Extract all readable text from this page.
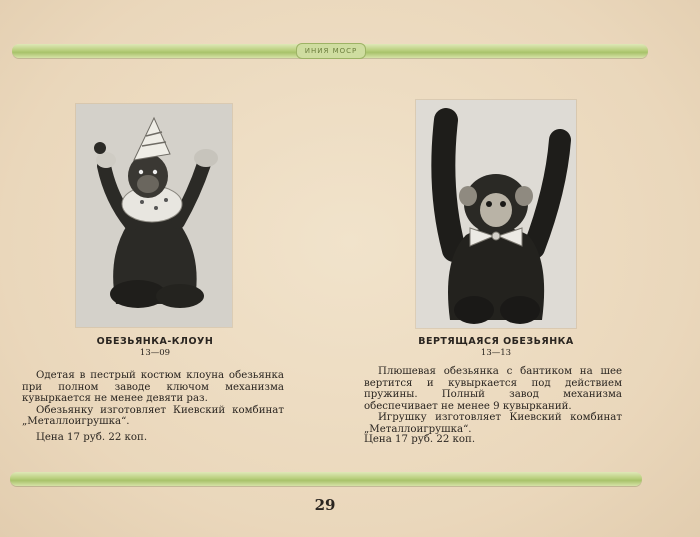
ИНИЯ МОСР
ОБЕЗЬЯНКА-КЛОУН
13—09

Одетая в пестрый костюм клоуна обезьянка при полном заводе ключом механизма кувыркается не менее девяти раз.

Обезьянку изготовляет Киевский комбинат „Металлоигрушка“.

Цена 17 руб. 22 коп.
ВЕРТЯЩАЯСЯ ОБЕЗЬЯНКА
13—13

Плюшевая обезьянка с бантиком на шее вертится и кувыркается под действием пружины. Полный завод механизма обеспечивает не менее 9 кувырканий.

Игрушку изготовляет Киевский комбинат „Металлоигрушка“.

Цена 17 руб. 22 коп.
29
